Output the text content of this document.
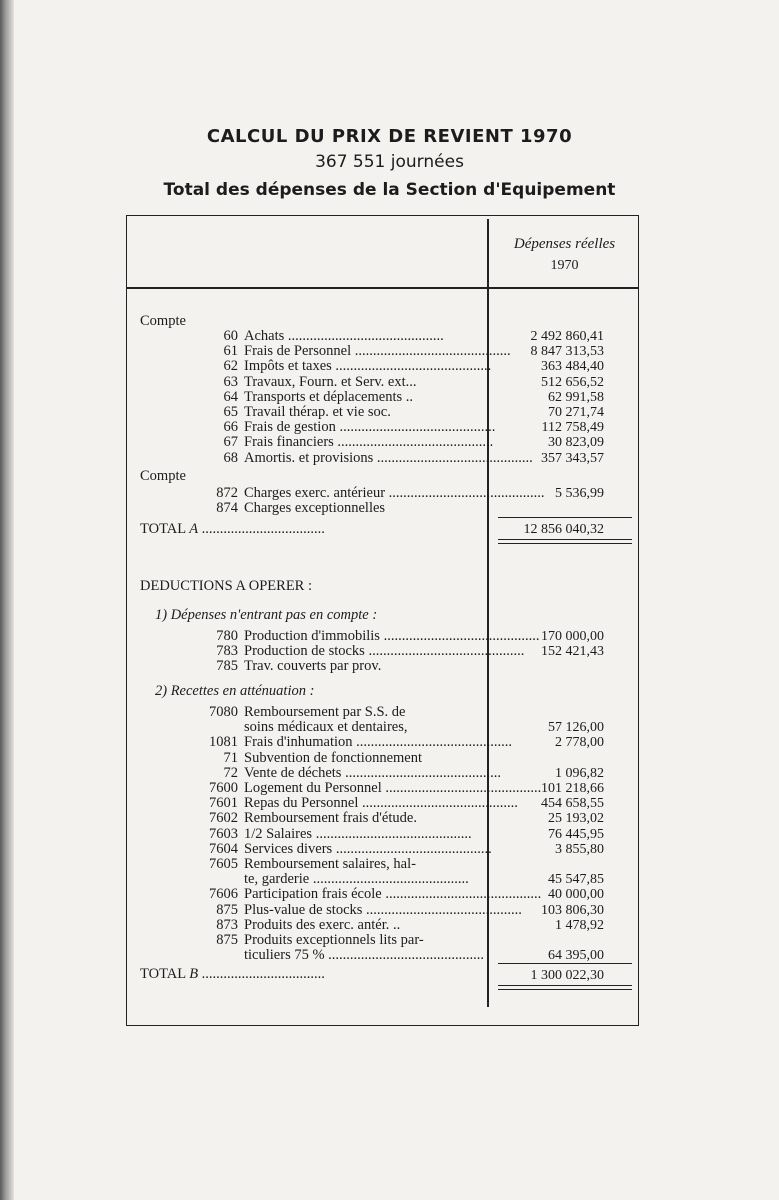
CALCUL DU PRIX DE REVIENT 1970
367 551 journées
Total des dépenses de la Section d'Equipement
Dépenses réelles
1970
Compte
60 Achats ...........................................	2 492 860,41
61 Frais de Personnel ...........................................	8 847 313,53
62 Impôts et taxes ...........................................	363 484,40
63 Travaux, Fourn. et Serv. ext...	512 656,52
64 Transports et déplacements ..	62 991,58
65 Travail thérap. et vie soc.	70 271,74
66 Frais de gestion ...........................................	112 758,49
67 Frais financiers ...........................................	30 823,09
68 Amortis. et provisions ........................................... 357 343,57
Compte
872 Charges exerc. antérieur ........................................... 5 536,99
874 Charges exceptionnelles
TOTAL A ..................................	12 856 040,32
DEDUCTIONS A OPERER :
1) Dépenses n'entrant pas en compte :
780 Production d'immobilis ........................................... 170 000,00
783 Production de stocks ...........................................	152 421,43
785 Trav. couverts par prov.
2) Recettes en atténuation :
7080 Remboursement par S.S. de
soins médicaux et dentaires,	57 126,00
1081 Frais d'inhumation ...........................................	2 778,00
71 Subvention de fonctionnement
72 Vente de déchets ...........................................	1 096,82
7600 Logement du Personnel ........................................... 101 218,66
7601 Repas du Personnel ...........................................	454 658,55
7602 Remboursement frais d'étude.	25 193,02
7603 1/2 Salaires ...........................................	76 445,95
7604 Services divers ...........................................	3 855,80
7605 Remboursement salaires, hal-
te, garderie ...........................................	45 547,85
7606 Participation frais école ........................................... 40 000,00
875 Plus-value de stocks ...........................................	103 806,30
873 Produits des exerc. antér. ..	1 478,92
875 Produits exceptionnels lits par-
ticuliers 75 % ...........................................	64 395,00
TOTAL B ..................................	1 300 022,30
